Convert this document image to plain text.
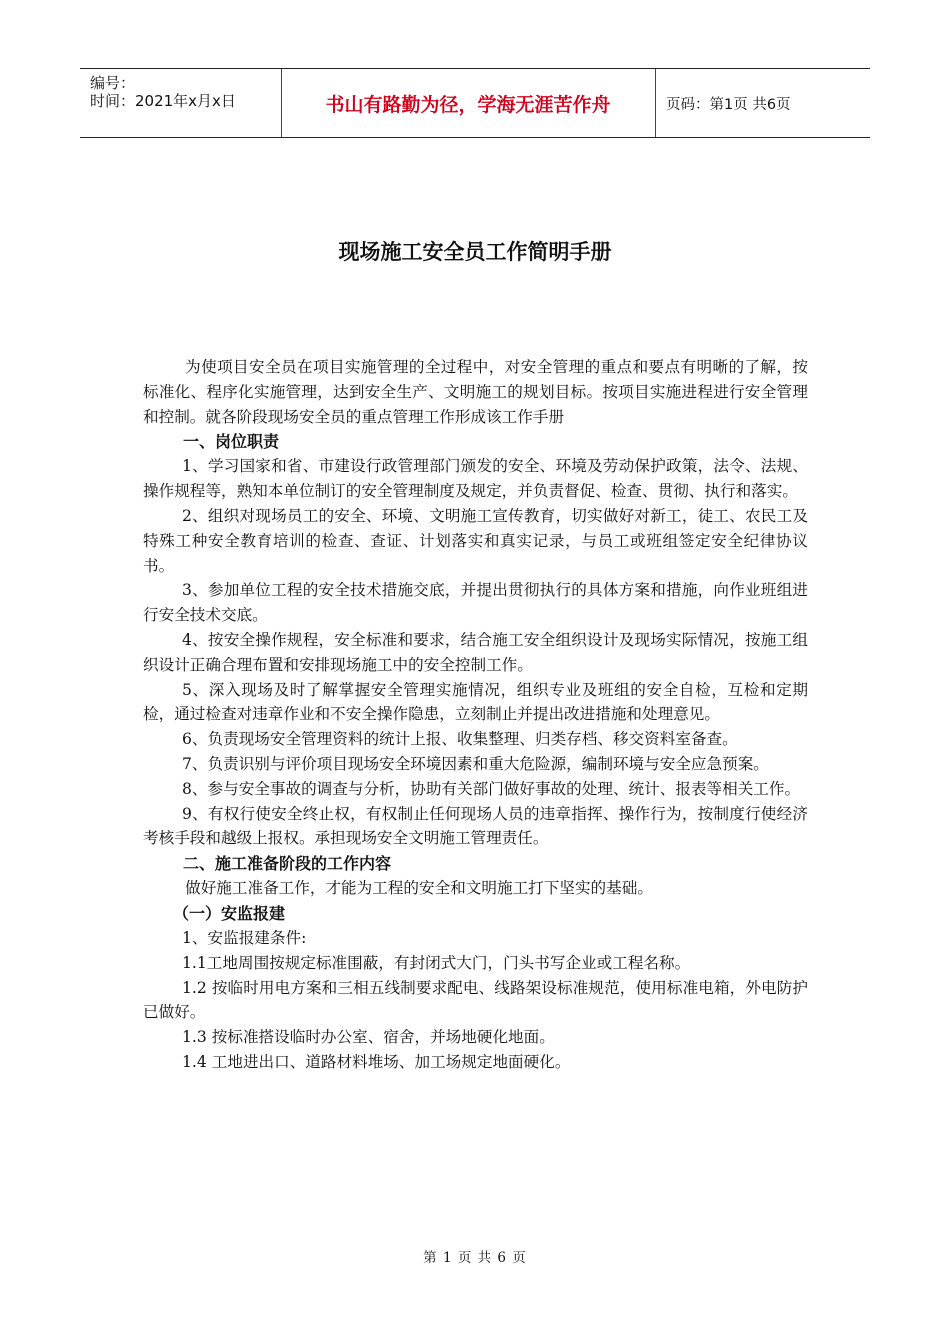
编号：
时间：2021年x月x日	书山有路勤为径，学海无涯苦作舟	页码：第1页 共6页
现场施工安全员工作简明手册

为使项目安全员在项目实施管理的全过程中，对安全管理的重点和要点有明晰的了解，按标准化、程序化实施管理，达到安全生产、文明施工的规划目标。按项目实施进程进行安全管理和控制。就各阶段现场安全员的重点管理工作形成该工作手册

一、岗位职责

1、学习国家和省、市建设行政管理部门颁发的安全、环境及劳动保护政策，法令、法规、操作规程等，熟知本单位制订的安全管理制度及规定，并负责督促、检查、贯彻、执行和落实。

2、组织对现场员工的安全、环境、文明施工宣传教育，切实做好对新工，徒工、农民工及特殊工种安全教育培训的检查、查证、计划落实和真实记录，与员工或班组签定安全纪律协议书。

3、参加单位工程的安全技术措施交底，并提出贯彻执行的具体方案和措施，向作业班组进行安全技术交底。

4、按安全操作规程，安全标准和要求，结合施工安全组织设计及现场实际情况，按施工组织设计正确合理布置和安排现场施工中的安全控制工作。

5、深入现场及时了解掌握安全管理实施情况，组织专业及班组的安全自检，互检和定期检，通过检查对违章作业和不安全操作隐患，立刻制止并提出改进措施和处理意见。

6、负责现场安全管理资料的统计上报、收集整理、归类存档、移交资料室备查。

7、负责识别与评价项目现场安全环境因素和重大危险源，编制环境与安全应急预案。

8、参与安全事故的调查与分析，协助有关部门做好事故的处理、统计、报表等相关工作。

9、有权行使安全终止权，有权制止任何现场人员的违章指挥、操作行为，按制度行使经济考核手段和越级上报权。承担现场安全文明施工管理责任。

二、施工准备阶段的工作内容

做好施工准备工作，才能为工程的安全和文明施工打下坚实的基础。

（一）安监报建

1、安监报建条件:

1.1工地周围按规定标准围蔽，有封闭式大门，门头书写企业或工程名称。

1.2 按临时用电方案和三相五线制要求配电、线路架设标准规范，使用标准电箱，外电防护已做好。

1.3 按标准搭设临时办公室、宿舍，并场地硬化地面。

1.4 工地进出口、道路材料堆场、加工场规定地面硬化。

第 1 页 共 6 页
